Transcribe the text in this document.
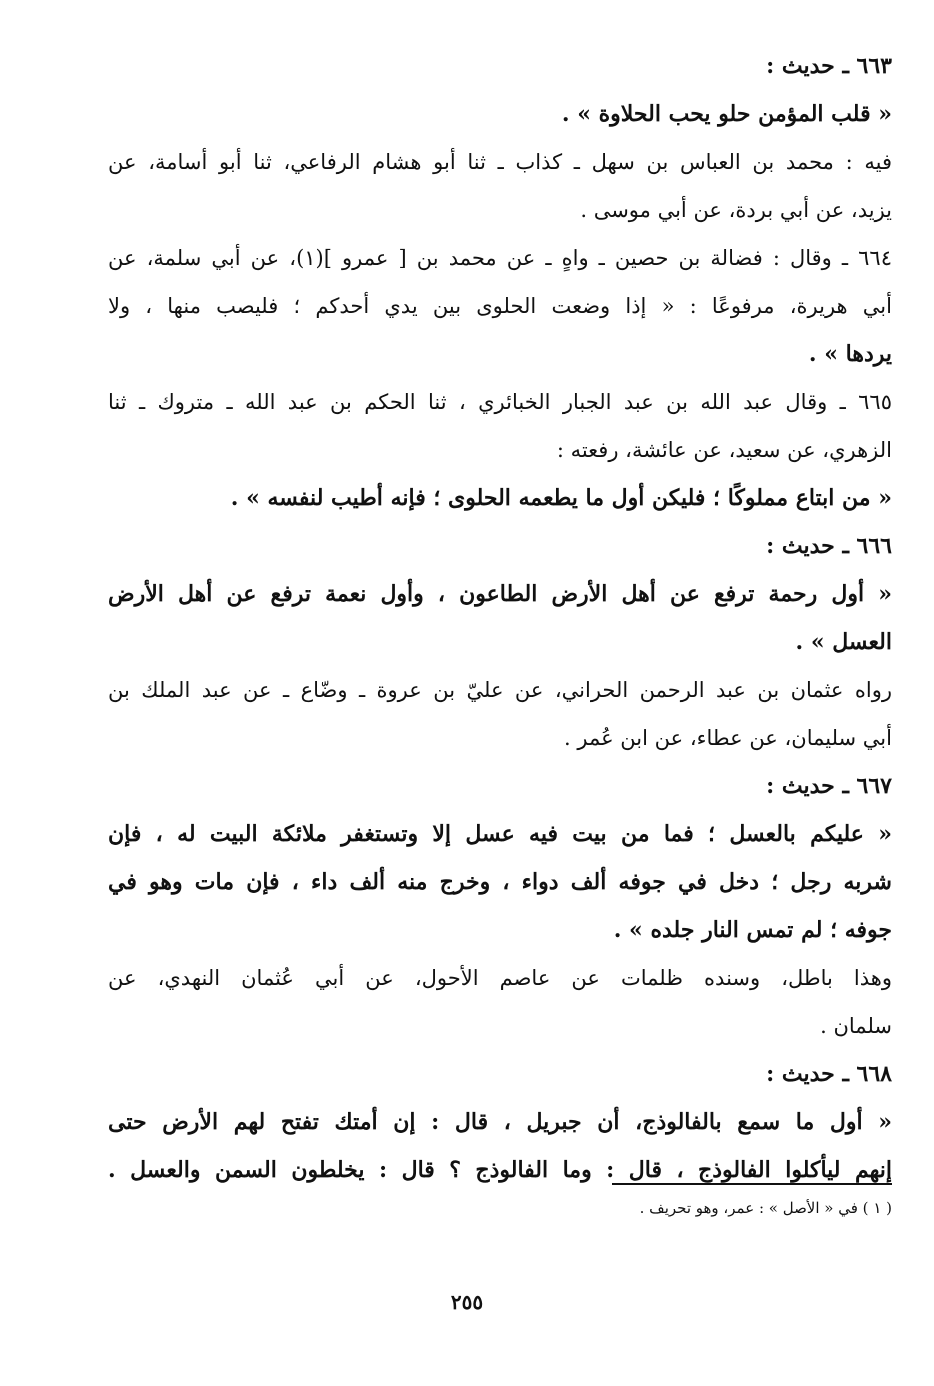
٦٦٣ ـ حديث :
« قلب المؤمن حلو يحب الحلاوة » .
فيه : محمد بن العباس بن سهل ـ كذاب ـ ثنا أبو هشام الرفاعي، ثنا أبو أسامة، عن
يزيد، عن أبي بردة، عن أبي موسى .
٦٦٤ ـ وقال : فضالة بن حصين ـ واهٍ ـ عن محمد بن [ عمرو ](١)، عن أبي سلمة، عن
أبي هريرة، مرفوعًا : « إذا وضعت الحلوى بين يدي أحدكم ؛ فليصب منها ، ولا
يردها » .
٦٦٥ ـ وقال عبد الله بن عبد الجبار الخبائري ، ثنا الحكم بن عبد الله ـ متروك ـ ثنا
الزهري، عن سعيد، عن عائشة، رفعته :
« من ابتاع مملوكًا ؛ فليكن أول ما يطعمه الحلوى ؛ فإنه أطيب لنفسه » .
٦٦٦ ـ حديث :
« أول رحمة ترفع عن أهل الأرض الطاعون ، وأول نعمة ترفع عن أهل الأرض
العسل » .
رواه عثمان بن عبد الرحمن الحراني، عن عليّ بن عروة ـ وضّاع ـ عن عبد الملك بن
أبي سليمان، عن عطاء، عن ابن عُمر .
٦٦٧ ـ حديث :
« عليكم بالعسل ؛ فما من بيت فيه عسل إلا وتستغفر ملائكة البيت له ، فإن
شربه رجل ؛ دخل في جوفه ألف دواء ، وخرج منه ألف داء ، فإن مات وهو في
جوفه ؛ لم تمس النار جلده » .
وهذا باطل، وسنده ظلمات عن عاصم الأحول، عن أبي عُثمان النهدي، عن
سلمان .
٦٦٨ ـ حديث :
« أول ما سمع بالفالوذج، أن جبريل ، قال : إن أمتك تفتح لهم الأرض حتى
إنهم ليأكلوا الفالوذج ، قال : وما الفالوذج ؟ قال : يخلطون السمن والعسل .
( ١ ) في « الأصل » : عمر، وهو تحريف .
٢٥٥
